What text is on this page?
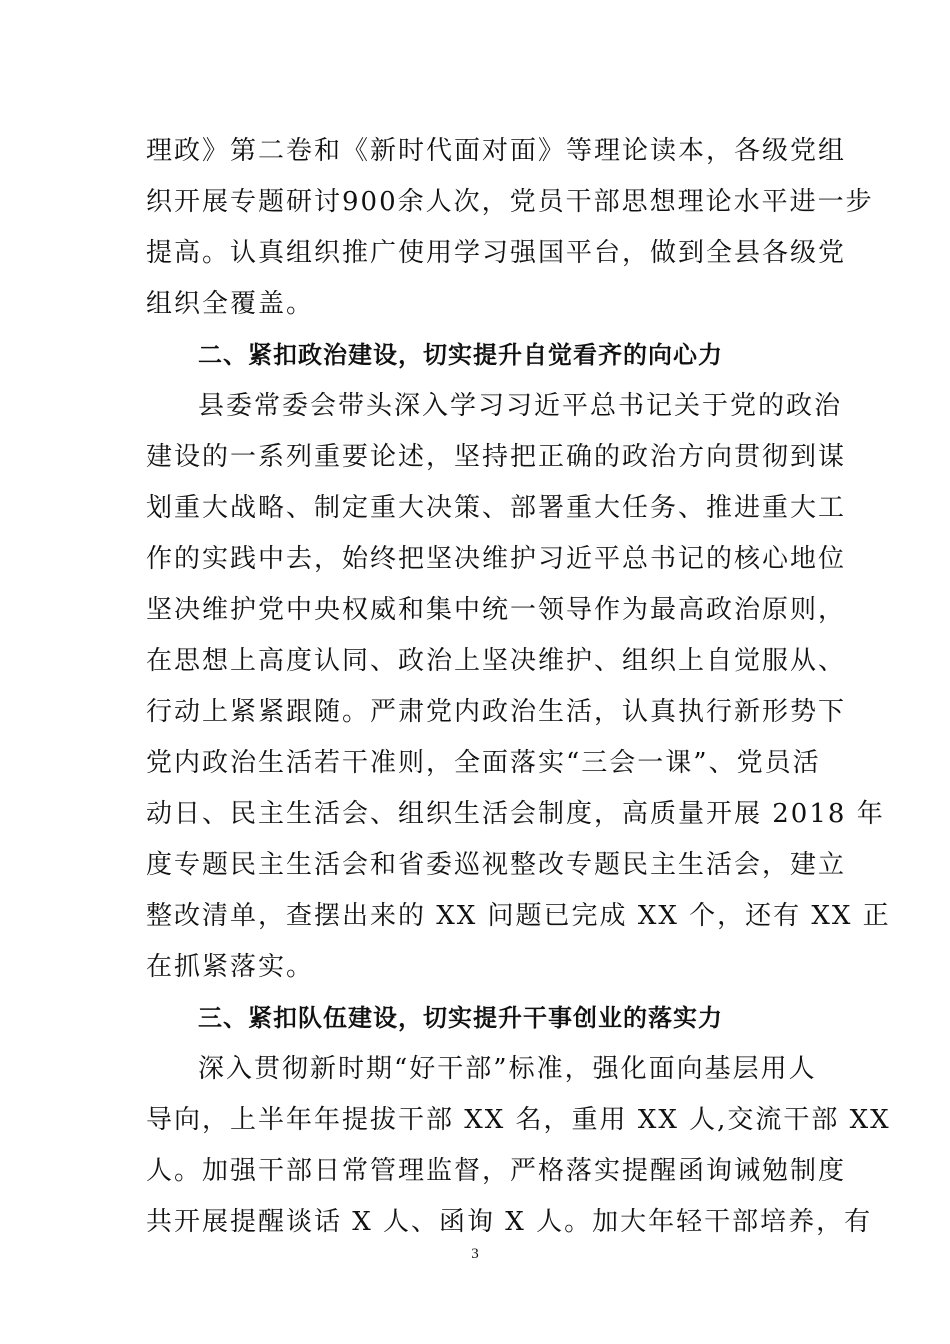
理政》第二卷和《新时代面对面》等理论读本，各级党组
织开展专题研讨900余人次，党员干部思想理论水平进一步
提高。认真组织推广使用学习强国平台，做到全县各级党
组织全覆盖。
二、紧扣政治建设，切实提升自觉看齐的向心力
县委常委会带头深入学习习近平总书记关于党的政治
建设的一系列重要论述，坚持把正确的政治方向贯彻到谋
划重大战略、制定重大决策、部署重大任务、推进重大工
作的实践中去，始终把坚决维护习近平总书记的核心地位
坚决维护党中央权威和集中统一领导作为最高政治原则，
在思想上高度认同、政治上坚决维护、组织上自觉服从、
行动上紧紧跟随。严肃党内政治生活，认真执行新形势下
党内政治生活若干准则，全面落实“三会一课”、党员活
动日、民主生活会、组织生活会制度，高质量开展 2018 年
度专题民主生活会和省委巡视整改专题民主生活会，建立
整改清单，查摆出来的 XX 问题已完成 XX 个，还有 XX 正
在抓紧落实。
三、紧扣队伍建设，切实提升干事创业的落实力
深入贯彻新时期“好干部”标准，强化面向基层用人
导向，上半年年提拔干部 XX 名，重用 XX 人,交流干部 XX
人。加强干部日常管理监督，严格落实提醒函询诫勉制度
共开展提醒谈话 X 人、函询 X 人。加大年轻干部培养，有
3
